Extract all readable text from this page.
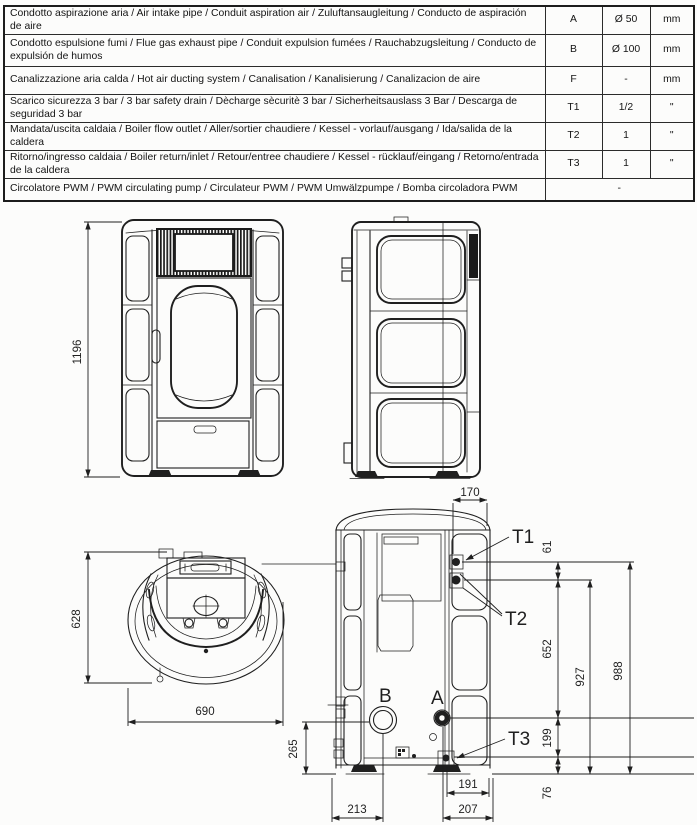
Condotto aspirazione aria / Air intake pipe / Conduit aspiration air / Zuluftansaugleitung / Conducto de aspiración de aire	A	Ø 50	mm
Condotto espulsione fumi / Flue gas exhaust pipe / Conduit expulsion fumées / Rauchabzugsleitung / Conducto de expulsión de humos	B	Ø 100	mm
Canalizzazione aria calda / Hot air ducting system / Canalisation / Kanalisierung / Canalizacion de aire	F	-	mm
Scarico sicurezza 3 bar / 3 bar safety drain / Dècharge sècuritè 3 bar / Sicherheitsauslass 3 Bar / Descarga de seguridad 3 bar	T1	1/2	"
Mandata/uscita caldaia / Boiler flow outlet / Aller/sortier chaudiere / Kessel - vorlauf/ausgang / Ida/salida de la caldera	T2	1	"
Ritorno/ingresso caldaia / Boiler return/inlet / Retour/entree chaudiere / Kessel - rücklauf/eingang / Retorno/entrada de la caldera	T3	1	"
Circolatore PWM / PWM circulating pump / Circulateur PWM / PWM Umwälzpumpe / Bomba circoladora PWM	-		
1196
628
690
170
61
652
199
76
927 988
265
213
191
207
T1
T2
T3
B A
